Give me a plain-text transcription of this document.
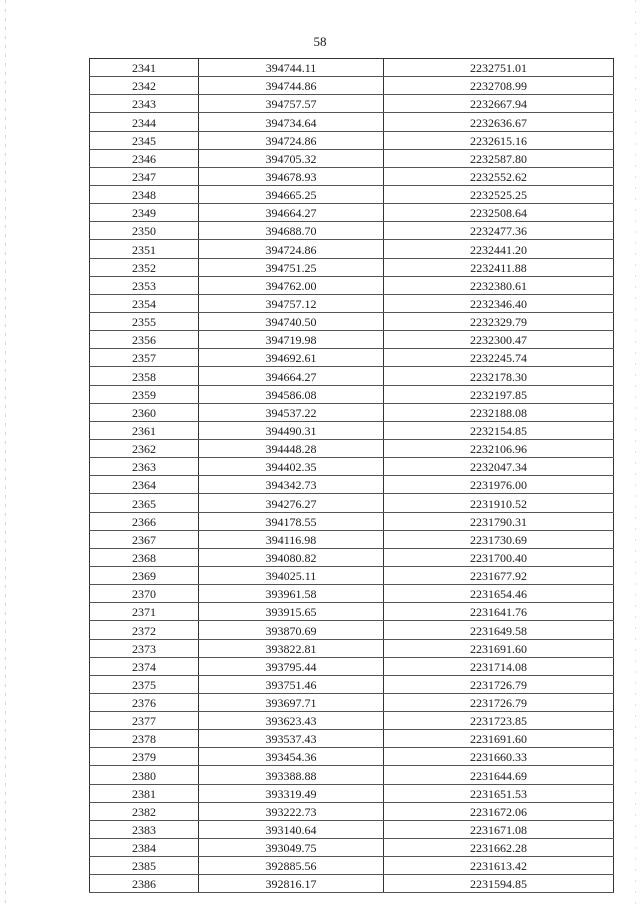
58
2341	394744.11	2232751.01
2342	394744.86	2232708.99
2343	394757.57	2232667.94
2344	394734.64	2232636.67
2345	394724.86	2232615.16
2346	394705.32	2232587.80
2347	394678.93	2232552.62
2348	394665.25	2232525.25
2349	394664.27	2232508.64
2350	394688.70	2232477.36
2351	394724.86	2232441.20
2352	394751.25	2232411.88
2353	394762.00	2232380.61
2354	394757.12	2232346.40
2355	394740.50	2232329.79
2356	394719.98	2232300.47
2357	394692.61	2232245.74
2358	394664.27	2232178.30
2359	394586.08	2232197.85
2360	394537.22	2232188.08
2361	394490.31	2232154.85
2362	394448.28	2232106.96
2363	394402.35	2232047.34
2364	394342.73	2231976.00
2365	394276.27	2231910.52
2366	394178.55	2231790.31
2367	394116.98	2231730.69
2368	394080.82	2231700.40
2369	394025.11	2231677.92
2370	393961.58	2231654.46
2371	393915.65	2231641.76
2372	393870.69	2231649.58
2373	393822.81	2231691.60
2374	393795.44	2231714.08
2375	393751.46	2231726.79
2376	393697.71	2231726.79
2377	393623.43	2231723.85
2378	393537.43	2231691.60
2379	393454.36	2231660.33
2380	393388.88	2231644.69
2381	393319.49	2231651.53
2382	393222.73	2231672.06
2383	393140.64	2231671.08
2384	393049.75	2231662.28
2385	392885.56	2231613.42
2386	392816.17	2231594.85
